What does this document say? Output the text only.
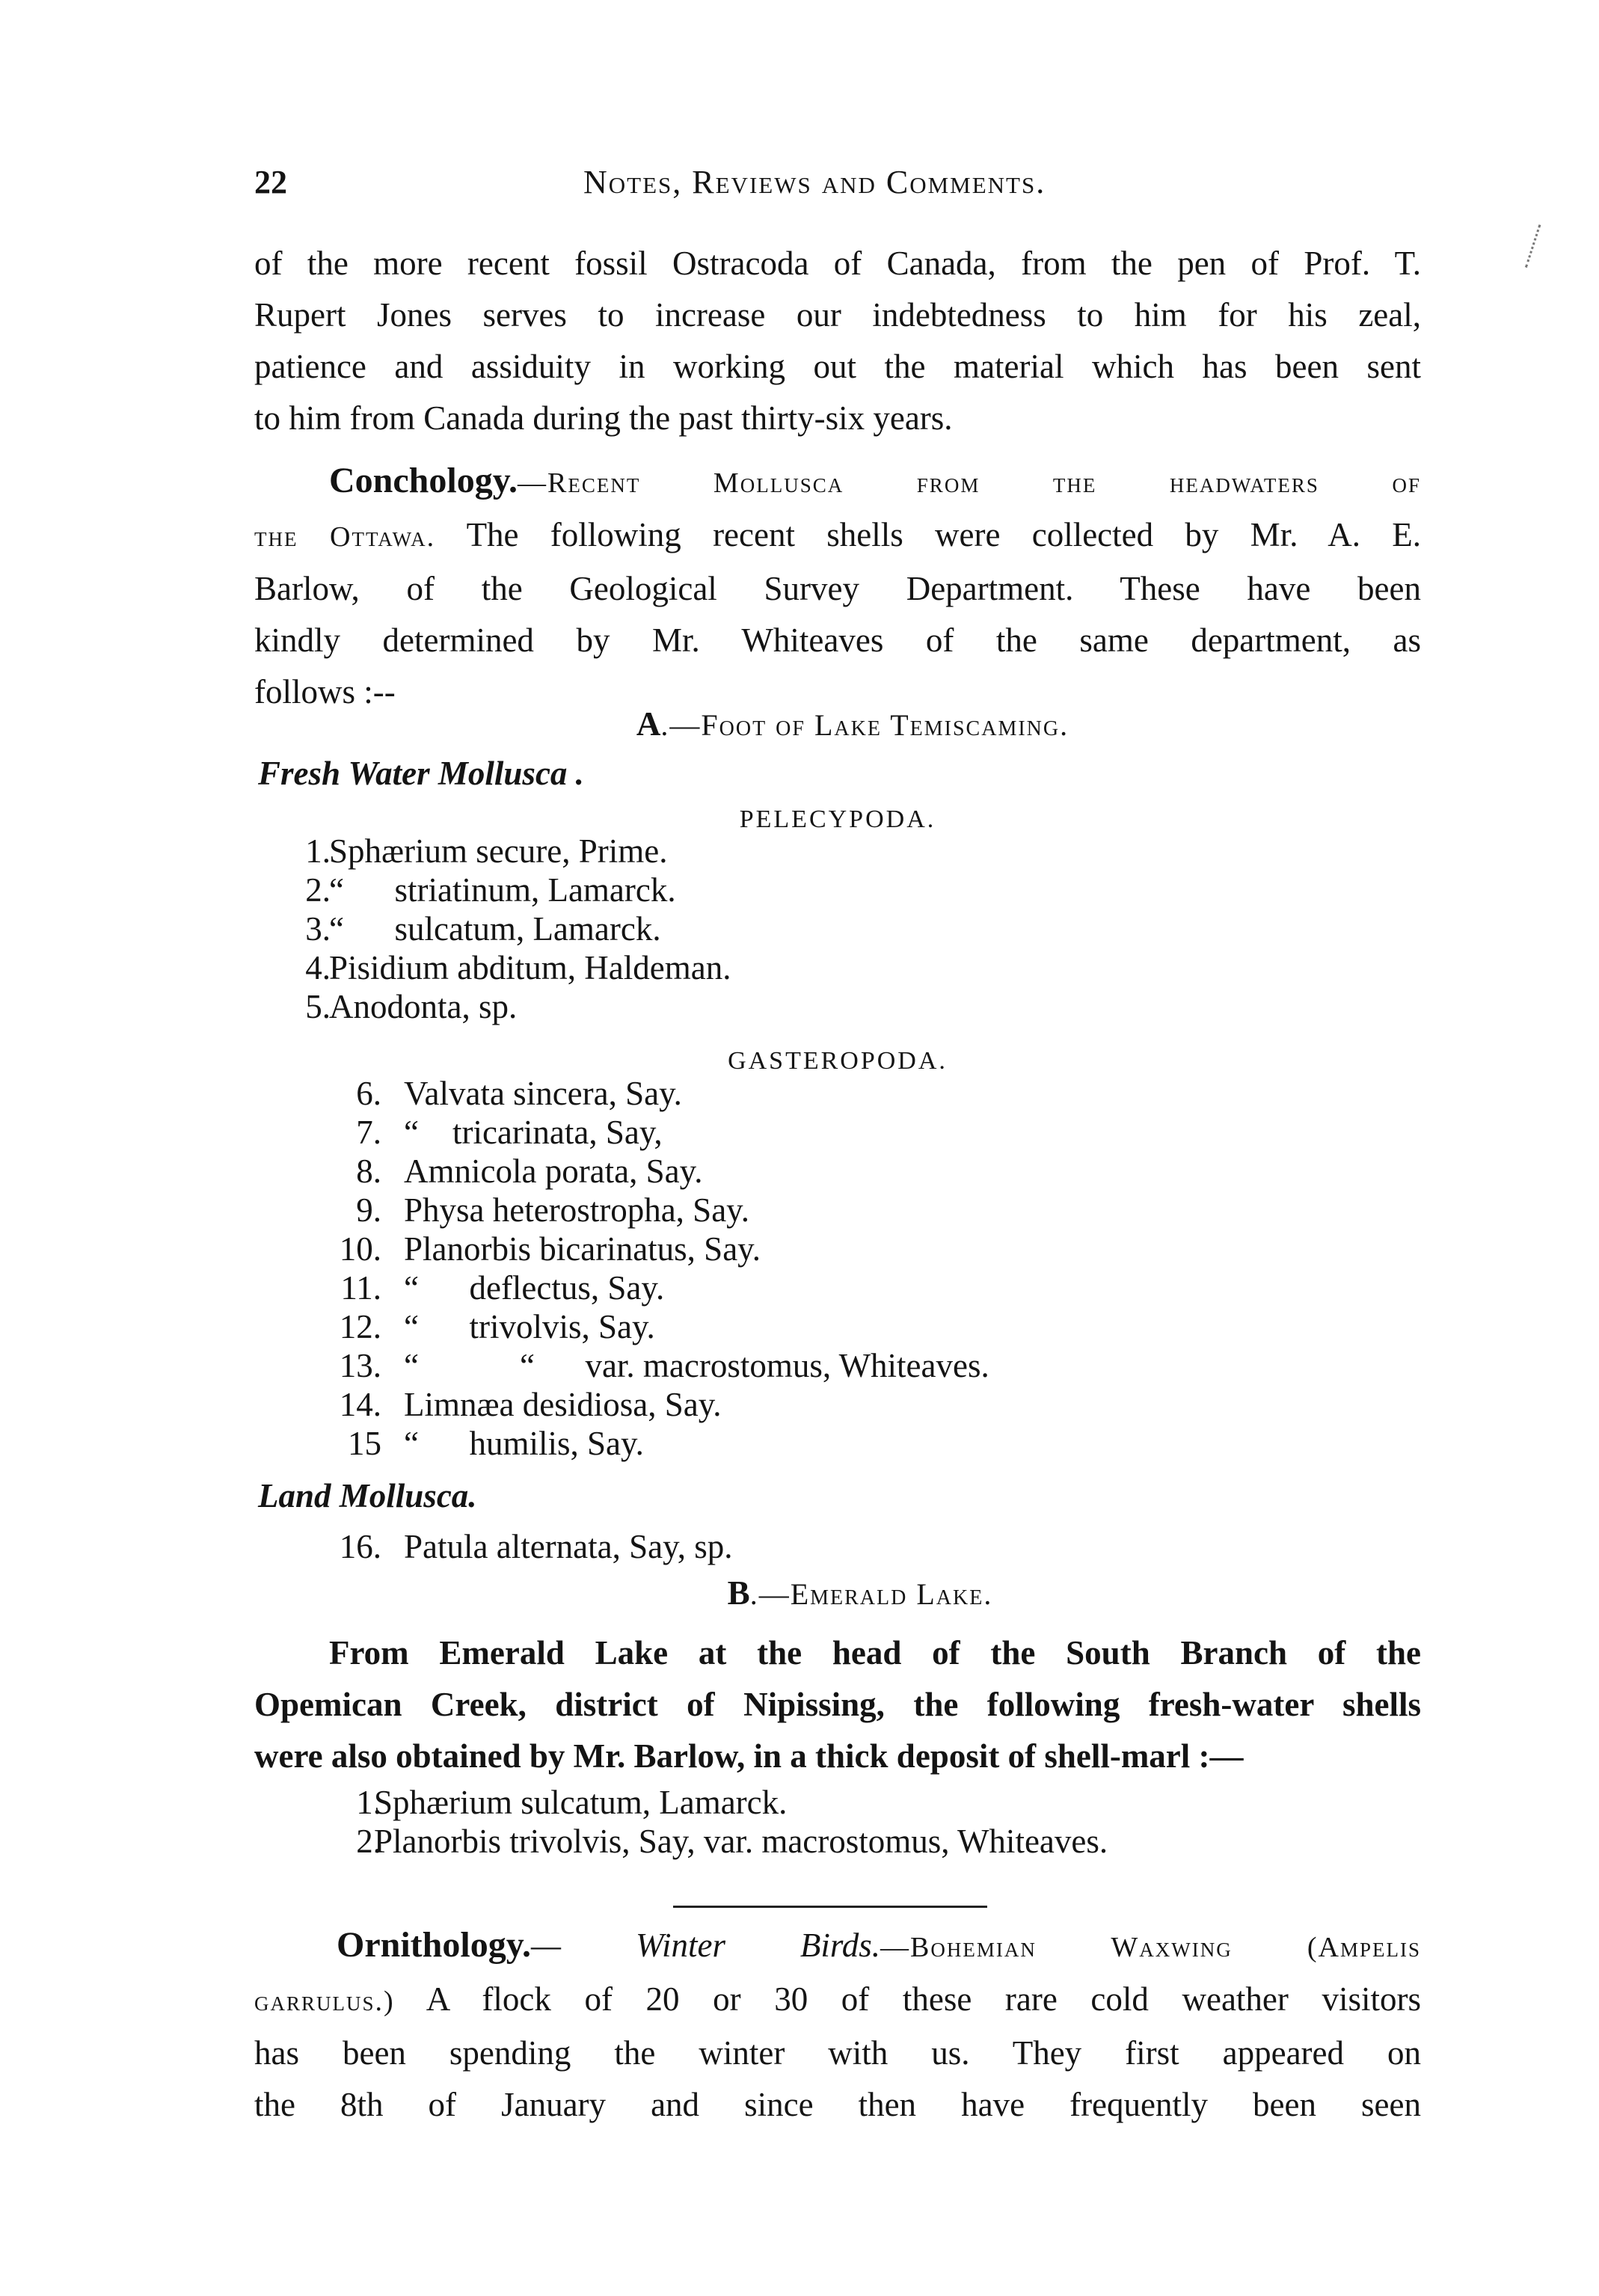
22	Notes, Reviews and Comments.

of the more recent fossil Ostracoda of Canada, from the pen of Prof. T.
Rupert Jones serves to increase our indebtedness to him for his zeal,
patience and assiduity in working out the material which has been sent
to him from Canada during the past thirty-six years.

Conchology.—Recent Mollusca from the headwaters of
the Ottawa. The following recent shells were collected by Mr. A. E.
Barlow, of the Geological Survey Department. These have been
kindly determined by Mr. Whiteaves of the same department, as
follows :--

A.—Foot of Lake Temiscaming.
Fresh Water Mollusca .
PELECYPODA.
1.
Sphærium secure, Prime.
2.
“      striatinum, Lamarck.
3.
“      sulcatum, Lamarck.
4.
Pisidium abditum, Haldeman.
5.
Anodonta, sp.
GASTEROPODA.
6. Valvata sincera, Say.
7. “    tricarinata, Say,
8. Amnicola porata, Say.
9. Physa heterostropha, Say.
10. Planorbis bicarinatus, Say.
11. “      deflectus, Say.
12. “      trivolvis, Say.
13. “            “      var. macrostomus, Whiteaves.
14. Limnæa desidiosa, Say.
15 “      humilis, Say.
Land Mollusca.
16. Patula alternata, Say, sp.
B.—Emerald Lake.

From Emerald Lake at the head of the South Branch of the
Opemican Creek, district of Nipissing, the following fresh-water shells
were also obtained by Mr. Barlow, in a thick deposit of shell-marl :—

1.
Sphærium sulcatum, Lamarck.
2.
Planorbis trivolvis, Say, var. macrostomus, Whiteaves.

Ornithology.— Winter Birds.—Bohemian Waxwing (Ampelis
garrulus.) A flock of 20 or 30 of these rare cold weather visitors
has been spending the winter with us. They first appeared on
the 8th of January and since then have frequently been seen
